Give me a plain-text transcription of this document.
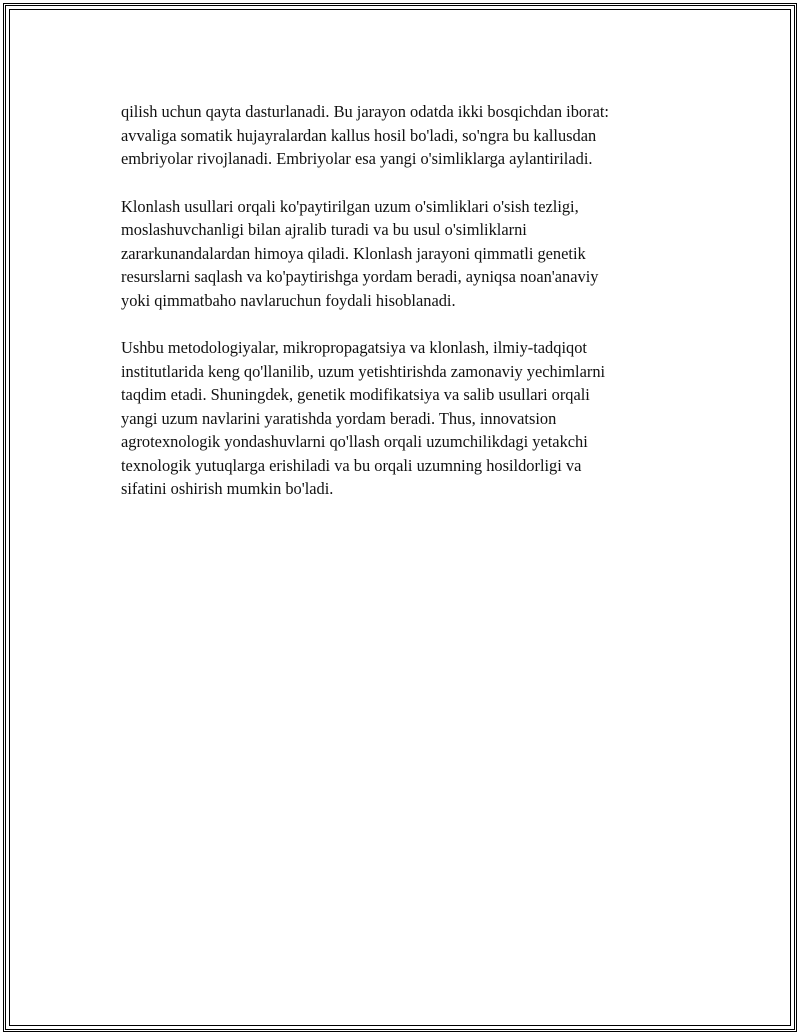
qilish uchun qayta dasturlanadi. Bu jarayon odatda ikki bosqichdan iborat:
avvaliga somatik hujayralardan kallus hosil bo'ladi, so'ngra bu kallusdan
embriyolar rivojlanadi. Embriyolar esa yangi o'simliklarga aylantiriladi.

Klonlash usullari orqali ko'paytirilgan uzum o'simliklari o'sish tezligi,
moslashuvchanligi bilan ajralib turadi va bu usul o'simliklarni
zararkunandalardan himoya qiladi. Klonlash jarayoni qimmatli genetik
resurslarni saqlash va ko'paytirishga yordam beradi, ayniqsa noan'anaviy
yoki qimmatbaho navlaruchun foydali hisoblanadi.

Ushbu metodologiyalar, mikropropagatsiya va klonlash, ilmiy-tadqiqot
institutlarida keng qo'llanilib, uzum yetishtirishda zamonaviy yechimlarni
taqdim etadi. Shuningdek, genetik modifikatsiya va salib usullari orqali
yangi uzum navlarini yaratishda yordam beradi. Thus, innovatsion
agrotexnologik yondashuvlarni qo'llash orqali uzumchilikdagi yetakchi
texnologik yutuqlarga erishiladi va bu orqali uzumning hosildorligi va
sifatini oshirish mumkin bo'ladi.
